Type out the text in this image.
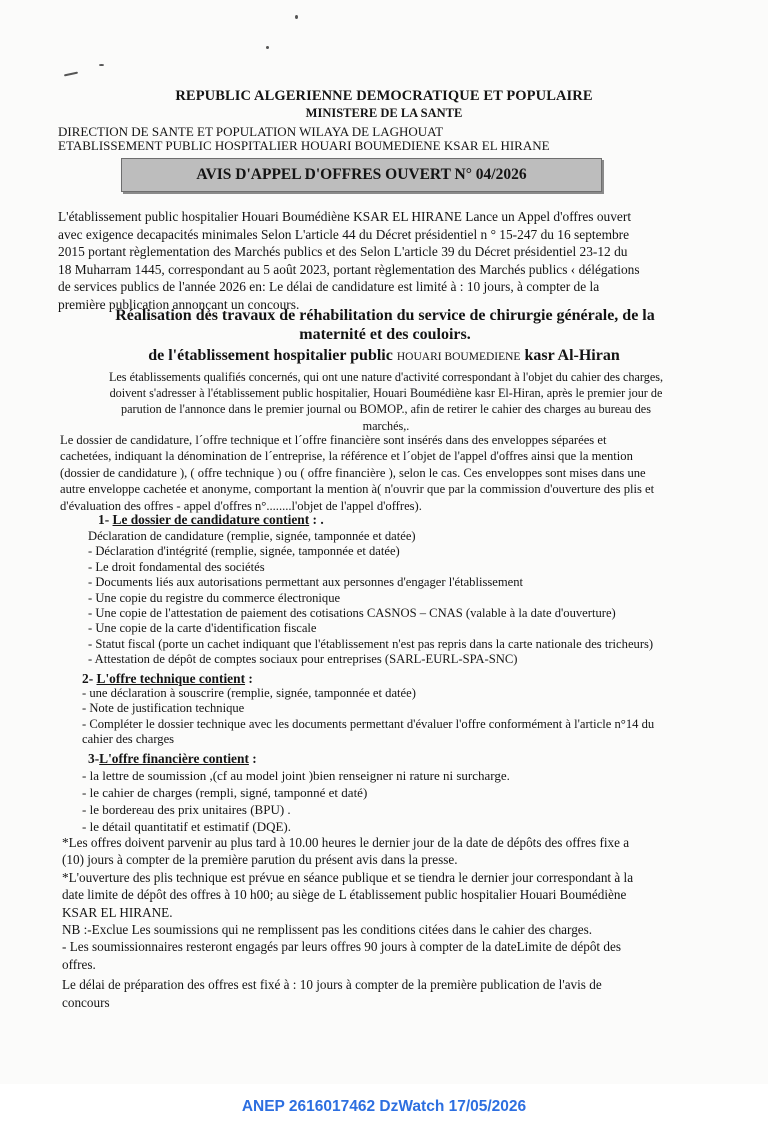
REPUBLIC ALGERIENNE DEMOCRATIQUE ET POPULAIRE
MINISTERE DE LA SANTE
DIRECTION DE SANTE ET POPULATION WILAYA DE LAGHOUAT
ETABLISSEMENT PUBLIC HOSPITALIER HOUARI BOUMEDIENE KSAR EL HIRANE
AVIS D'APPEL D'OFFRES OUVERT N° 04/2026
L'établissement public hospitalier Houari Boumédiène KSAR EL HIRANE Lance un Appel d'offres ouvert
avec exigence decapacités minimales Selon L'article 44 du Décret présidentiel n ° 15-247 du 16 septembre
2015 portant règlementation des Marchés publics et des Selon L'article 39 du Décret présidentiel 23-12 du
18 Muharram 1445, correspondant au 5 août 2023, portant règlementation des Marchés publics ‹ délégations
de services publics de l'année 2026 en: Le délai de candidature est limité à : 10 jours, à compter de la
première publication annonçant un concours.
Réalisation des travaux de réhabilitation du service de chirurgie générale, de la
maternité et des couloirs.
de l'établissement hospitalier public HOUARI BOUMEDIENE kasr Al-Hiran
Les établissements qualifiés concernés, qui ont une nature d'activité correspondant à l'objet du cahier des charges,
doivent s'adresser à l'établissement public hospitalier, Houari Boumédiène kasr El-Hiran, après le premier jour de
parution de l'annonce dans le premier journal ou BOMOP., afin de retirer le cahier des charges au bureau des
marchés,.
Le dossier de candidature, l´offre technique et l´offre financière sont insérés dans des enveloppes séparées et
cachetées, indiquant la dénomination de l´entreprise, la référence et l´objet de l'appel d'offres ainsi que la mention
(dossier de candidature ), ( offre technique ) ou ( offre financière ), selon le cas. Ces enveloppes sont mises dans une
autre enveloppe cachetée et anonyme, comportant la mention à( n'ouvrir que par la commission d'ouverture des plis et
d'évaluation des offres - appel d'offres n°........l'objet de l'appel d'offres).
1- Le dossier de candidature contient : .
Déclaration de candidature (remplie, signée, tamponnée et datée)
- Déclaration d'intégrité (remplie, signée, tamponnée et datée)
- Le droit fondamental des sociétés
- Documents liés aux autorisations permettant aux personnes d'engager l'établissement
- Une copie du registre du commerce électronique
- Une copie de l'attestation de paiement des cotisations CASNOS – CNAS (valable à la date d'ouverture)
- Une copie de la carte d'identification fiscale
- Statut fiscal (porte un cachet indiquant que l'établissement n'est pas repris dans la carte nationale des tricheurs)
- Attestation de dépôt de comptes sociaux pour entreprises (SARL-EURL-SPA-SNC)
2- L'offre technique contient :
- une déclaration à souscrire (remplie, signée, tamponnée et datée)
- Note de justification technique
- Compléter le dossier technique avec les documents permettant d'évaluer l'offre conformément à l'article n°14 du
cahier des charges
3-L'offre financière contient :
- la lettre de soumission ,(cf au model joint )bien renseigner ni rature ni surcharge.
- le cahier de charges (rempli, signé, tamponné et daté)
- le bordereau des prix unitaires (BPU) .
- le détail quantitatif et estimatif (DQE).
*Les offres doivent parvenir au plus tard à 10.00 heures le dernier jour de la date de dépôts des offres fixe a
(10) jours à compter de la première parution du présent avis dans la presse.
*L'ouverture des plis technique est prévue en séance publique et se tiendra le dernier jour correspondant à la
date limite de dépôt des offres à 10 h00; au siège de L établissement public hospitalier Houari Boumédiène
KSAR EL HIRANE.
NB :-Exclue Les soumissions qui ne remplissent pas les conditions citées dans le cahier des charges.
- Les soumissionnaires resteront engagés par leurs offres 90 jours à compter de la dateLimite de dépôt des
offres.
Le délai de préparation des offres est fixé à : 10 jours à compter de la première publication de l'avis de
concours
ANEP 2616017462 DzWatch 17/05/2026
